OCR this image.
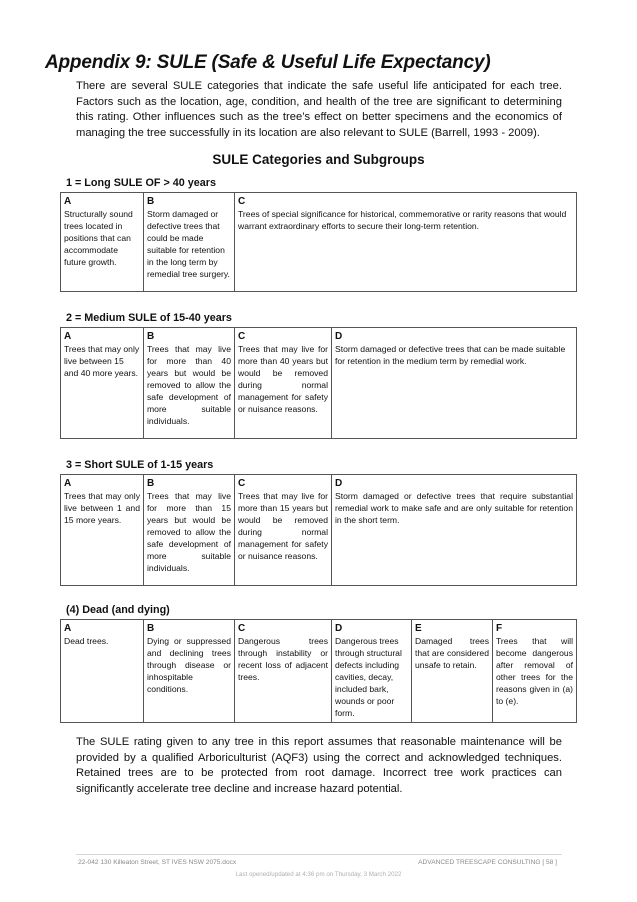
Appendix 9: SULE (Safe & Useful Life Expectancy)
There are several SULE categories that indicate the safe useful life anticipated for each tree. Factors such as the location, age, condition, and health of the tree are significant to determining this rating. Other influences such as the tree’s effect on better specimens and the economics of managing the tree successfully in its location are also relevant to SULE (Barrell, 1993 - 2009).
SULE Categories and Subgroups
1 = Long SULE OF > 40 years
A
Structurally sound trees located in positions that can accommodate future growth.	
B
Storm damaged or defective trees that could be made suitable for retention in the long term by remedial tree surgery.	
C
Trees of special significance for historical, commemorative or rarity reasons that would warrant extraordinary efforts to secure their long-term retention.
2 = Medium SULE of 15-40 years
A
Trees that may only live between 15 and 40 more years.	
B
Trees that may live for more than 40 years but would be removed to allow the safe development of more suitable individuals.	
C
Trees that may live for more than 40 years but would be removed during normal management for safety or nuisance reasons.	
D
Storm damaged or defective trees that can be made suitable for retention in the medium term by remedial work.
3 = Short SULE of 1-15 years
A
Trees that may only live between 1 and 15 more years.	
B
Trees that may live for more than 15 years but would be removed to allow the safe development of more suitable individuals.	
C
Trees that may live for more than 15 years but would be removed during normal management for safety or nuisance reasons.	
D
Storm damaged or defective trees that require substantial remedial work to make safe and are only suitable for retention in the short term.
(4) Dead (and dying)
A
Dead trees.	
B
Dying or suppressed and declining trees through disease or inhospitable conditions.	
C
Dangerous trees through instability or recent loss of adjacent trees.	
D
Dangerous trees through structural defects including cavities, decay, included bark, wounds or poor form.	
E
Damaged trees that are considered unsafe to retain.	
F
Trees that will become dangerous after removal of other trees for the reasons given in (a) to (e).
The SULE rating given to any tree in this report assumes that reasonable maintenance will be provided by a qualified Arboriculturist (AQF3) using the correct and acknowledged techniques. Retained trees are to be protected from root damage. Incorrect tree work practices can significantly accelerate tree decline and increase hazard potential.
22-042 130 Killeaton Street, ST IVES NSW 2075.docx	ADVANCED TREESCAPE CONSULTING [ 58 ]
Last opened/updated at 4:36 pm on Thursday, 3 March 2022
